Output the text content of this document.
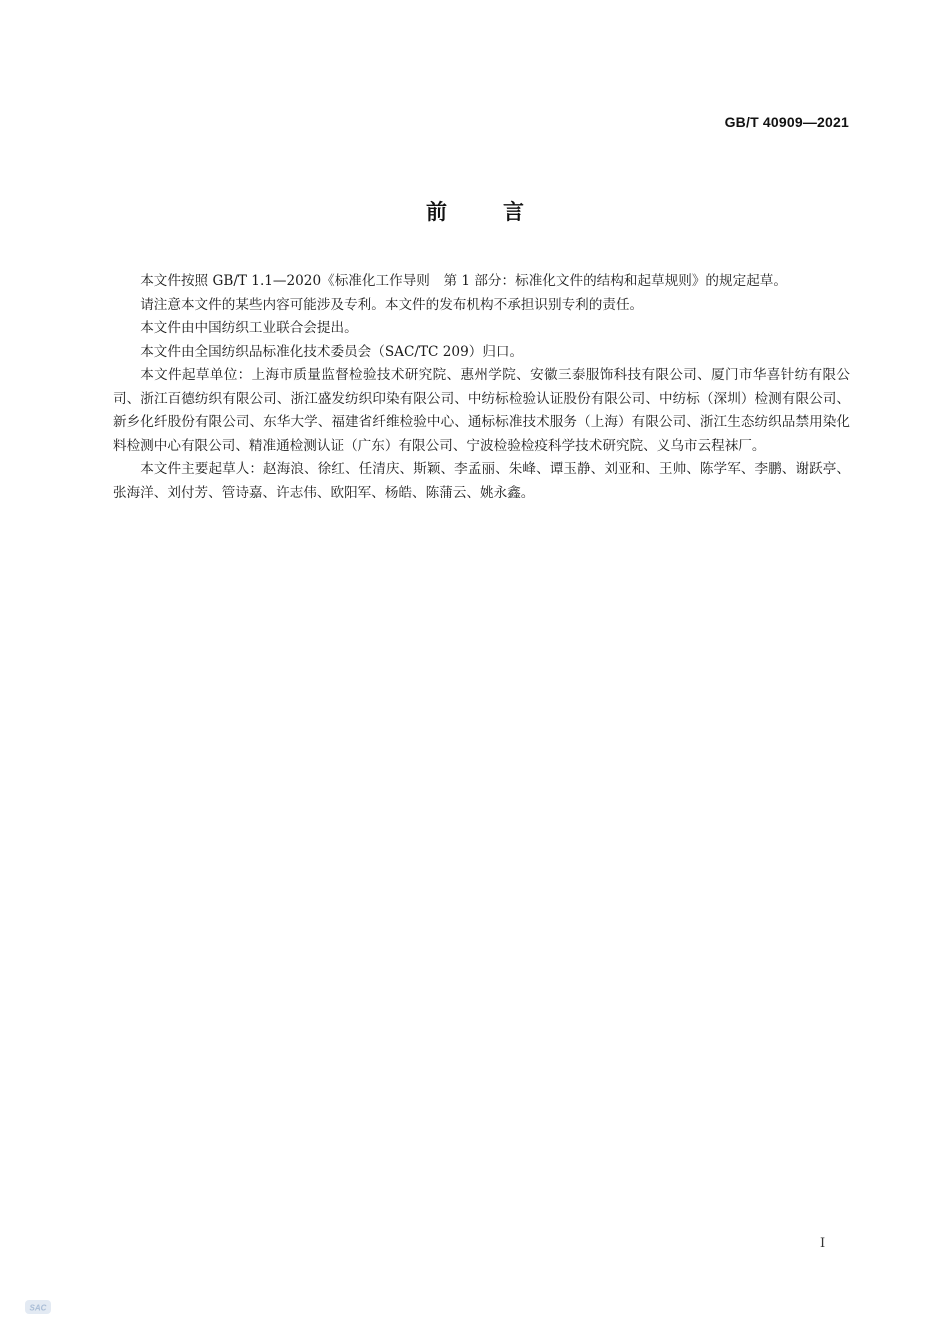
GB/T 40909—2021
前言

本文件按照 GB/T 1.1—2020《标准化工作导则　第 1 部分：标准化文件的结构和起草规则》的规定起草。

请注意本文件的某些内容可能涉及专利。本文件的发布机构不承担识别专利的责任。

本文件由中国纺织工业联合会提出。

本文件由全国纺织品标准化技术委员会（SAC/TC 209）归口。

本文件起草单位：上海市质量监督检验技术研究院、惠州学院、安徽三泰服饰科技有限公司、厦门市华喜针纺有限公司、浙江百德纺织有限公司、浙江盛发纺织印染有限公司、中纺标检验认证股份有限公司、中纺标（深圳）检测有限公司、新乡化纤股份有限公司、东华大学、福建省纤维检验中心、通标标准技术服务（上海）有限公司、浙江生态纺织品禁用染化料检测中心有限公司、精准通检测认证（广东）有限公司、宁波检验检疫科学技术研究院、义乌市云程袜厂。

本文件主要起草人：赵海浪、徐红、任清庆、斯颖、李孟丽、朱峰、谭玉静、刘亚和、王帅、陈学军、李鹏、谢跃亭、张海洋、刘付芳、管诗嘉、许志伟、欧阳军、杨皓、陈蒲云、姚永鑫。

I
SAC
